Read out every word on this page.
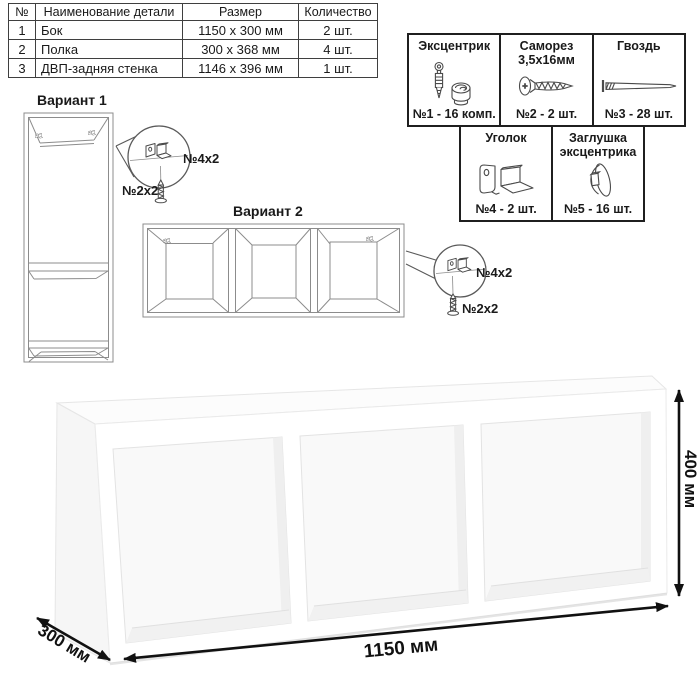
№	Наименование детали	Размер	Количество
1	Бок	1150 x 300 мм	2 шт.
2	Полка	300 x 368 мм	4 шт.
3	ДВП-задняя стенка	1146 x 396 мм	1 шт.
Эксцентрик
№1 - 16 комп.
Саморез
3,5х16мм
№2 - 2 шт.
Гвоздь
№3 - 28 шт.
Уголок
№4 - 2 шт.
Заглушка
эксцентрика
№5 - 16 шт.
Вариант 1
Вариант 2
№4х2
№2х2
№4х2
№2х2
1150 мм
300 мм
400 мм
